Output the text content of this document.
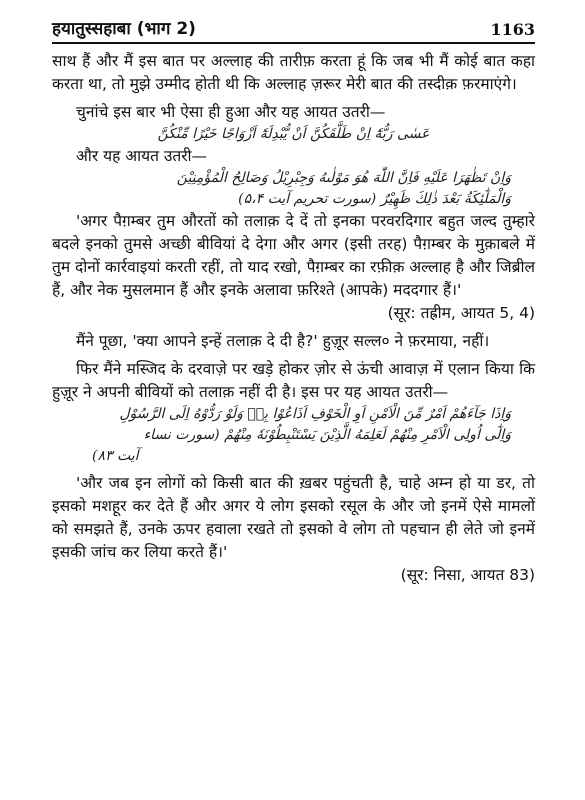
हयातुस्सहाबा (भाग 2)	1163

साथ हैं और मैं इस बात पर अल्लाह की तारीफ़ करता हूं कि जब भी मैं कोई बात कहा करता था, तो मुझे उम्मीद होती थी कि अल्लाह ज़रूर मेरी बात की तस्दीक़ फ़रमाएंगे।

चुनांचे इस बार भी ऐसा ही हुआ और यह आयत उतरी—

عَسٰى رَبُّهٗٓ اِنْ طَلَّقَكُنَّ اَنْ يُّبْدِلَهٗٓ اَزْوَاجًا خَيْرًا مِّنْكُنَّ

और यह आयत उतरी—

وَاِنْ تَظٰهَرَا عَلَيْهِ فَاِنَّ اللّٰهَ هُوَ مَوْلٰىهُ وَجِبْرِيْلُ وَصَالِحُ الْمُؤْمِنِيْنَ

وَالْمَلٰٓئِكَةُ بَعْدَ ذٰلِكَ ظَهِيْرٌ (سورت تحریم آیت ۵،۴)

'अगर पैग़म्बर तुम औरतों को तलाक़ दे दें तो इनका परवरदिगार बहुत जल्द तुम्हारे बदले इनको तुमसे अच्छी बीवियां दे देगा और अगर (इसी तरह) पैग़म्बर के मुक़ाबले में तुम दोनों कार्रवाइयां करती रहीं, तो याद रखो, पैग़म्बर का रफ़ीक़ अल्लाह है और जिब्रील हैं, और नेक मुसलमान हैं और इनके अलावा फ़रिश्ते (आपके) मददगार हैं।'

(सूर: तह्रीम, आयत 5, 4)

मैंने पूछा, 'क्या आपने इन्हें तलाक़ दे दी है?' हुज़ूर सल्ल० ने फ़रमाया, नहीं।

फिर मैंने मस्जिद के दरवाज़े पर खड़े होकर ज़ोर से ऊंची आवाज़ में एलान किया कि हुज़ूर ने अपनी बीवियों को तलाक़ नहीं दी है। इस पर यह आयत उतरी—

وَاِذَا جَآءَهُمْ اَمْرٌ مِّنَ الْاَمْنِ اَوِ الْخَوْفِ اَذَاعُوْا بِهٖ وَلَوْ رَدُّوْهُ اِلَى الرَّسُوْلِ

وَاِلٰٓى اُولِى الْاَمْرِ مِنْهُمْ لَعَلِمَهُ الَّذِيْنَ يَسْتَنْبِطُوْنَهٗ مِنْهُمْ (سورت نساء

آیت ۸۳)

'और जब इन लोगों को किसी बात की ख़बर पहुंचती है, चाहे अम्न हो या डर, तो इसको मशहूर कर देते हैं और अगर ये लोग इसको रसूल के और जो इनमें ऐसे मामलों को समझते हैं, उनके ऊपर हवाला रखते तो इसको वे लोग तो पहचान ही लेते जो इनमें इसकी जांच कर लिया करते हैं।'

(सूर: निसा, आयत 83)
